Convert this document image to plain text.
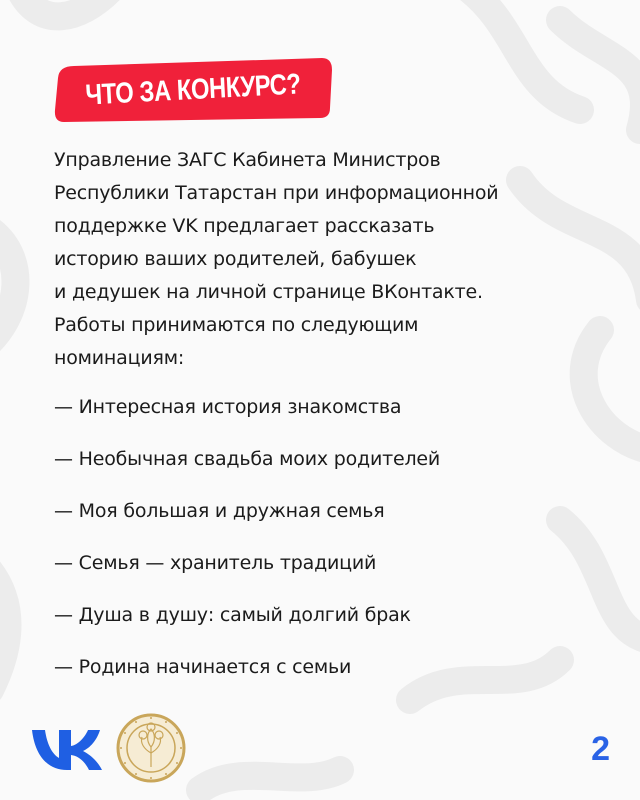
ЧТО ЗА КОНКУРС?

Управление ЗАГС Кабинета Министров
Республики Татарстан при информационной
поддержке VK предлагает рассказать
историю ваших родителей, бабушек
и дедушек на личной странице ВКонтакте.
Работы принимаются по следующим
номинациям:

— Интересная история знакомства
— Необычная свадьба моих родителей
— Моя большая и дружная семья
— Семья — хранитель традиций
— Душа в душу: самый долгий брак
— Родина начинается с семьи
2
